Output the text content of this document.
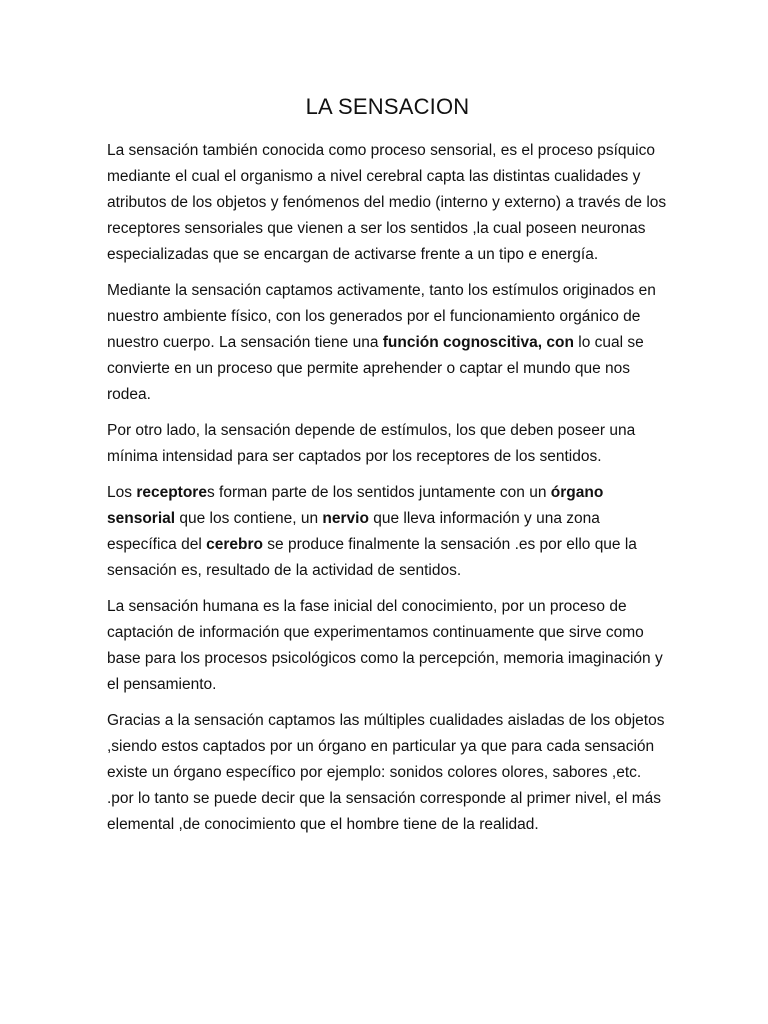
LA SENSACION

La sensación también conocida como proceso sensorial, es el proceso psíquico mediante el cual el organismo a nivel cerebral capta las distintas cualidades y atributos de los objetos y fenómenos del medio (interno y externo) a través de los receptores sensoriales que vienen a ser los sentidos ,la cual poseen neuronas especializadas que se encargan de activarse frente a un tipo e energía.

Mediante la sensación captamos activamente, tanto los estímulos originados en nuestro ambiente físico, con los generados por el funcionamiento orgánico de nuestro cuerpo. La sensación tiene una función cognoscitiva, con lo cual se convierte en un proceso que permite aprehender o captar el mundo que nos rodea.

Por otro lado, la sensación depende de estímulos, los que deben poseer una mínima intensidad para ser captados por los receptores de los sentidos.

Los receptores forman parte de los sentidos juntamente con un órgano sensorial que los contiene, un nervio que lleva información y una zona específica del cerebro se produce finalmente la sensación .es por ello que la sensación es, resultado de la actividad de sentidos.

La sensación humana es la fase inicial del conocimiento, por un proceso de captación de información que experimentamos continuamente que sirve como base para los procesos psicológicos como la percepción, memoria imaginación y el pensamiento.

Gracias a la sensación captamos las múltiples cualidades aisladas de los objetos ,siendo estos captados por un órgano en particular ya que para cada sensación existe un órgano específico por ejemplo: sonidos colores olores, sabores ,etc. .por lo tanto se puede decir que la sensación corresponde al primer nivel, el más elemental ,de conocimiento que el hombre tiene de la realidad.
